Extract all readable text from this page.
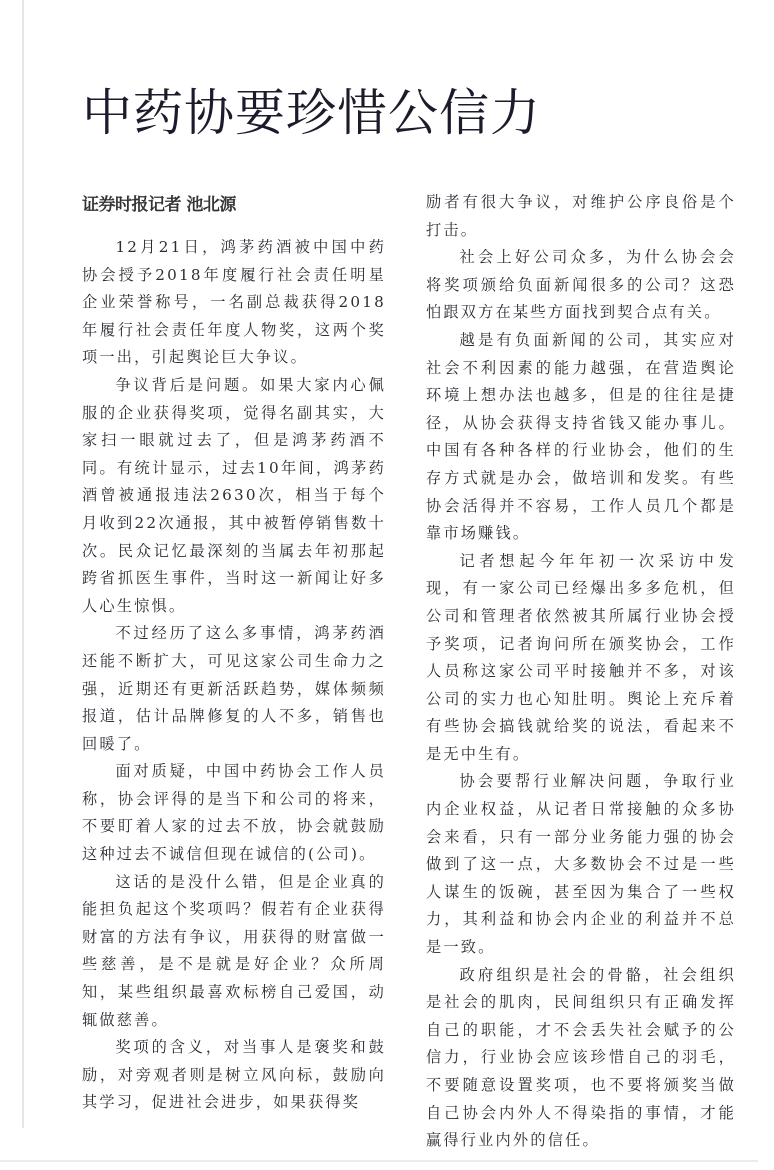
中药协要珍惜公信力
证券时报记者 池北源

12月21日，鸿茅药酒被中国中药协会授予2018年度履行社会责任明星企业荣誉称号，一名副总裁获得2018年履行社会责任年度人物奖，这两个奖项一出，引起舆论巨大争议。

争议背后是问题。如果大家内心佩服的企业获得奖项，觉得名副其实，大家扫一眼就过去了，但是鸿茅药酒不同。有统计显示，过去10年间，鸿茅药酒曾被通报违法2630次，相当于每个月收到22次通报，其中被暂停销售数十次。民众记忆最深刻的当属去年初那起跨省抓医生事件，当时这一新闻让好多人心生惊惧。

不过经历了这么多事情，鸿茅药酒还能不断扩大，可见这家公司生命力之强，近期还有更新活跃趋势，媒体频频报道，估计品牌修复的人不多，销售也回暖了。

面对质疑，中国中药协会工作人员称，协会评得的是当下和公司的将来，不要盯着人家的过去不放，协会就鼓励这种过去不诚信但现在诚信的(公司)。

这话的是没什么错，但是企业真的能担负起这个奖项吗？假若有企业获得财富的方法有争议，用获得的财富做一些慈善，是不是就是好企业？众所周知，某些组织最喜欢标榜自己爱国，动辄做慈善。

奖项的含义，对当事人是褒奖和鼓励，对旁观者则是树立风向标，鼓励向其学习，促进社会进步，如果获得奖

励者有很大争议，对维护公序良俗是个打击。

社会上好公司众多，为什么协会会将奖项颁给负面新闻很多的公司？这恐怕跟双方在某些方面找到契合点有关。

越是有负面新闻的公司，其实应对社会不利因素的能力越强，在营造舆论环境上想办法也越多，但是的往往是捷径，从协会获得支持省钱又能办事儿。中国有各种各样的行业协会，他们的生存方式就是办会，做培训和发奖。有些协会活得并不容易，工作人员几个都是靠市场赚钱。

记者想起今年年初一次采访中发现，有一家公司已经爆出多多危机，但公司和管理者依然被其所属行业协会授予奖项，记者询问所在颁奖协会，工作人员称这家公司平时接触并不多，对该公司的实力也心知肚明。舆论上充斥着有些协会搞钱就给奖的说法，看起来不是无中生有。

协会要帮行业解决问题，争取行业内企业权益，从记者日常接触的众多协会来看，只有一部分业务能力强的协会做到了这一点，大多数协会不过是一些人谋生的饭碗，甚至因为集合了一些权力，其利益和协会内企业的利益并不总是一致。

政府组织是社会的骨骼，社会组织是社会的肌肉，民间组织只有正确发挥自己的职能，才不会丢失社会赋予的公信力，行业协会应该珍惜自己的羽毛，不要随意设置奖项，也不要将颁奖当做自己协会内外人不得染指的事情，才能赢得行业内外的信任。
